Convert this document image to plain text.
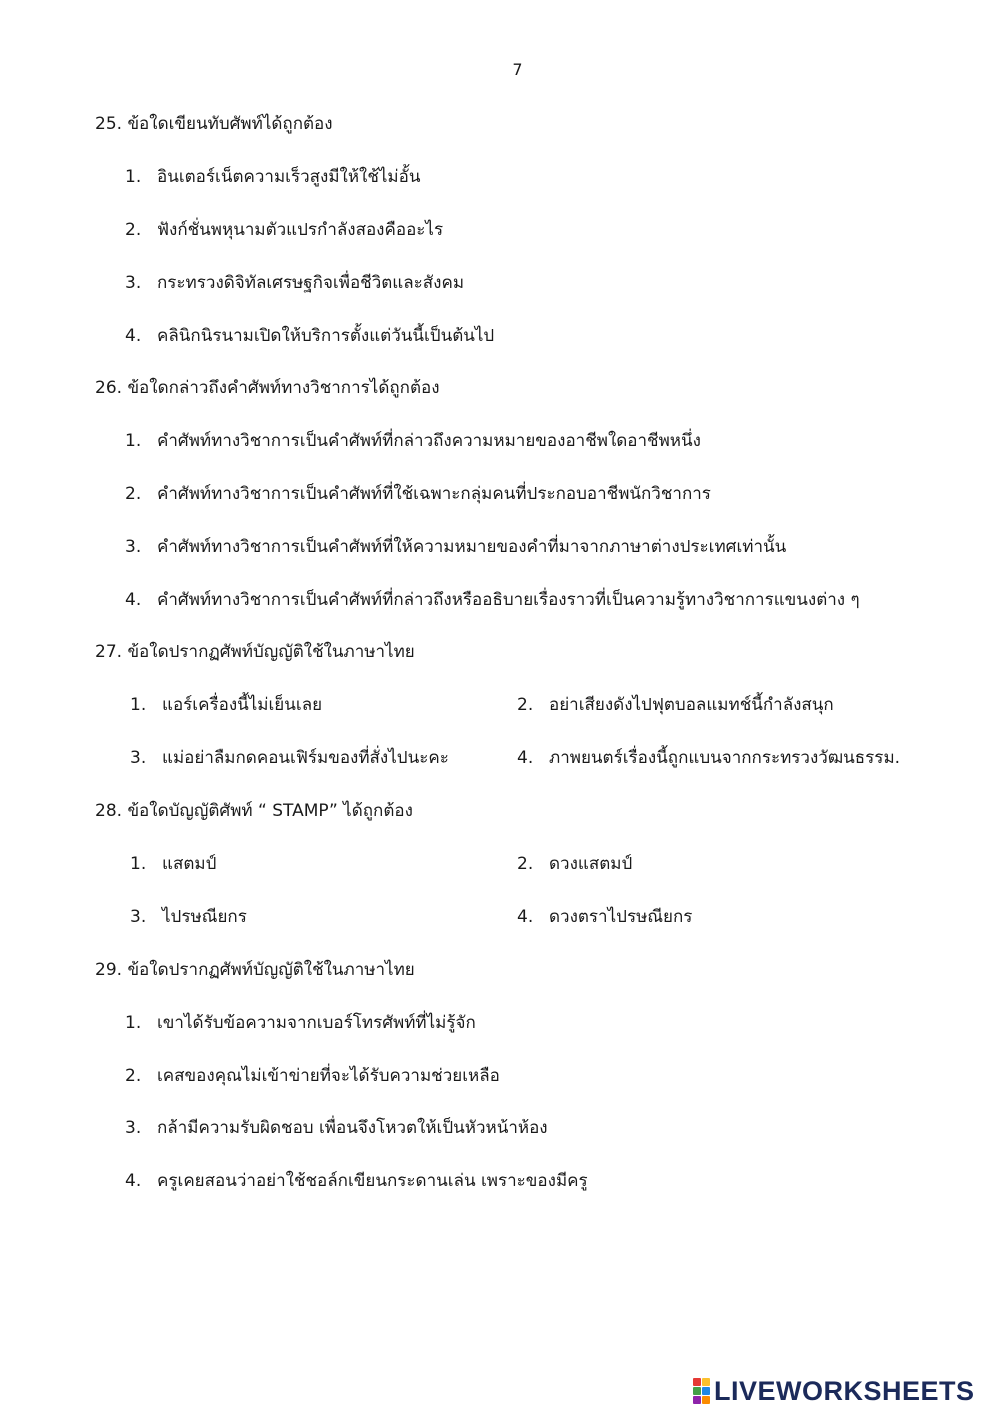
7
25. ข้อใดเขียนทับศัพท์ได้ถูกต้อง
1. อินเตอร์เน็ตความเร็วสูงมีให้ใช้ไม่อั้น
2. ฟังก์ชั่นพหุนามตัวแปรกำลังสองคืออะไร
3. กระทรวงดิจิทัลเศรษฐกิจเพื่อชีวิตและสังคม
4. คลินิกนิรนามเปิดให้บริการตั้งแต่วันนี้เป็นต้นไป
26. ข้อใดกล่าวถึงคำศัพท์ทางวิชาการได้ถูกต้อง
1. คำศัพท์ทางวิชาการเป็นคำศัพท์ที่กล่าวถึงความหมายของอาชีพใดอาชีพหนึ่ง
2. คำศัพท์ทางวิชาการเป็นคำศัพท์ที่ใช้เฉพาะกลุ่มคนที่ประกอบอาชีพนักวิชาการ
3. คำศัพท์ทางวิชาการเป็นคำศัพท์ที่ให้ความหมายของคำที่มาจากภาษาต่างประเทศเท่านั้น
4. คำศัพท์ทางวิชาการเป็นคำศัพท์ที่กล่าวถึงหรืออธิบายเรื่องราวที่เป็นความรู้ทางวิชาการแขนงต่าง ๆ
27. ข้อใดปรากฏศัพท์บัญญัติใช้ในภาษาไทย
1. แอร์เครื่องนี้ไม่เย็นเลย	2. อย่าเสียงดังไปฟุตบอลแมทช์นี้กำลังสนุก
3. แม่อย่าลืมกดคอนเฟิร์มของที่สั่งไปนะคะ	4. ภาพยนตร์เรื่องนี้ถูกแบนจากกระทรวงวัฒนธรรม.
28. ข้อใดบัญญัติศัพท์ “ STAMP” ได้ถูกต้อง
1. แสตมป์	2. ดวงแสตมป์
3. ไปรษณียกร	4. ดวงตราไปรษณียกร
29. ข้อใดปรากฏศัพท์บัญญัติใช้ในภาษาไทย
1. เขาได้รับข้อความจากเบอร์โทรศัพท์ที่ไม่รู้จัก
2. เคสของคุณไม่เข้าข่ายที่จะได้รับความช่วยเหลือ
3. กล้ามีความรับผิดชอบ เพื่อนจึงโหวตให้เป็นหัวหน้าห้อง
4. ครูเคยสอนว่าอย่าใช้ชอล์กเขียนกระดานเล่น เพราะของมีครู
LIVEWORKSHEETS
